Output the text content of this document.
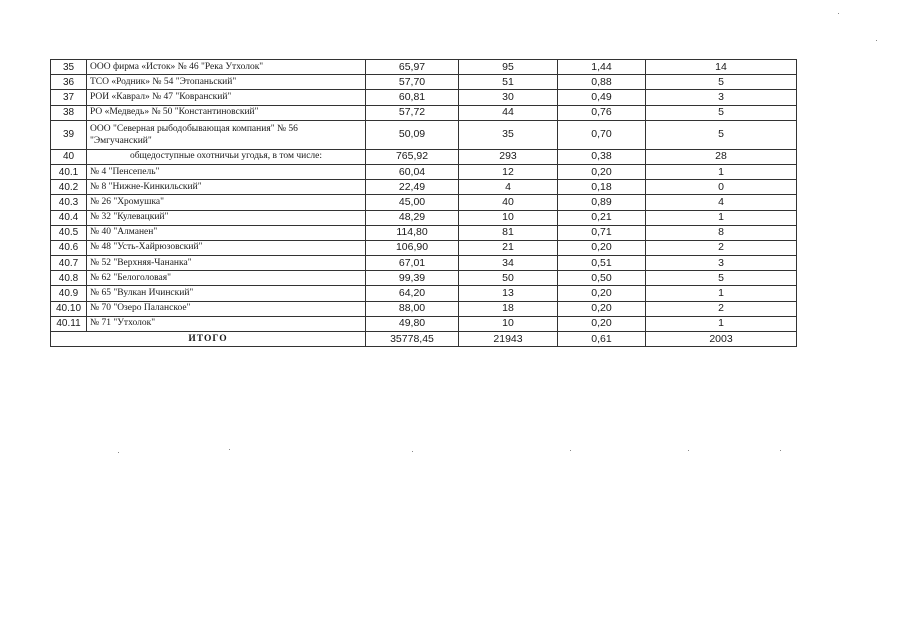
35	ООО фирма «Исток» № 46 "Река Утхолок"	65,97	95	1,44	14
36	ТСО «Родник» № 54 "Этопаньский"	57,70	51	0,88	5
37	РОИ «Каврал» № 47 "Ковранский"	60,81	30	0,49	3
38	РО «Медведь» № 50 "Константиновский"	57,72	44	0,76	5
39	ООО "Северная рыбодобывающая компания" № 56 "Эмгучанский"	50,09	35	0,70	5
40	общедоступные охотничьи угодья, в том числе:	765,92	293	0,38	28
40.1	№ 4 "Пенсепель"	60,04	12	0,20	1
40.2	№ 8 "Нижне-Кинкильский"	22,49	4	0,18	0
40.3	№ 26 "Хромушка"	45,00	40	0,89	4
40.4	№ 32 "Кулевацкий"	48,29	10	0,21	1
40.5	№ 40 "Алманен"	114,80	81	0,71	8
40.6	№ 48 "Усть-Хайрюзовский"	106,90	21	0,20	2
40.7	№ 52 "Верхняя-Чананка"	67,01	34	0,51	3
40.8	№ 62 "Белоголовая"	99,39	50	0,50	5
40.9	№ 65 "Вулкан Ичинский"	64,20	13	0,20	1
40.10	№ 70 "Озеро Паланское"	88,00	18	0,20	2
40.11	№ 71 "Утхолок"	49,80	10	0,20	1
ИТОГО		35778,45	21943	0,61	2003
